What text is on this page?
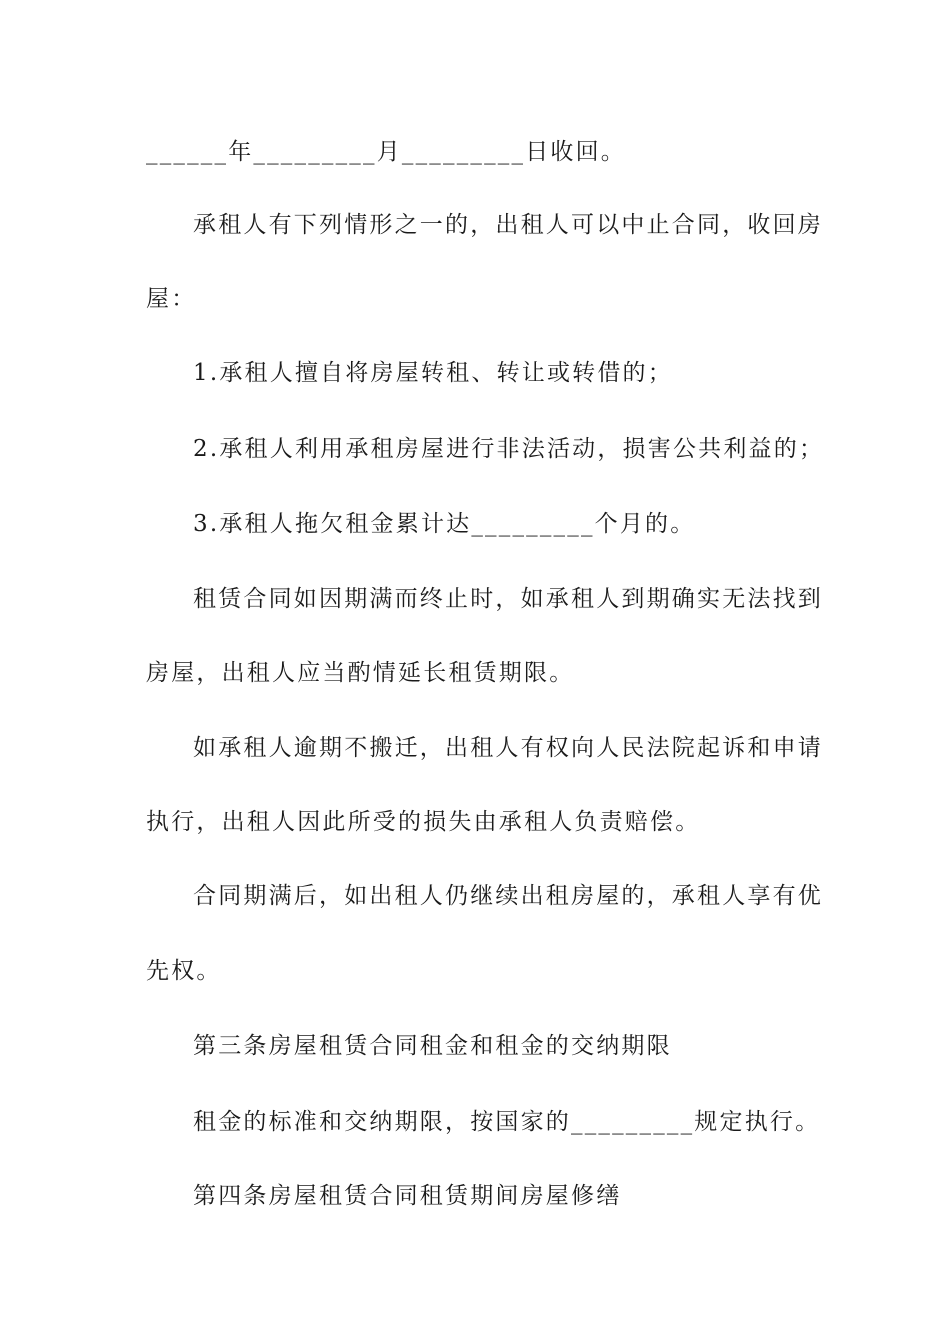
______年_________月_________日收回。
承租人有下列情形之一的，出租人可以中止合同，收回房
屋：
1.承租人擅自将房屋转租、转让或转借的；
2.承租人利用承租房屋进行非法活动，损害公共利益的；
3.承租人拖欠租金累计达_________个月的。
租赁合同如因期满而终止时，如承租人到期确实无法找到
房屋，出租人应当酌情延长租赁期限。
如承租人逾期不搬迁，出租人有权向人民法院起诉和申请
执行，出租人因此所受的损失由承租人负责赔偿。
合同期满后，如出租人仍继续出租房屋的，承租人享有优
先权。
第三条房屋租赁合同租金和租金的交纳期限
租金的标准和交纳期限，按国家的_________规定执行。
第四条房屋租赁合同租赁期间房屋修缮
